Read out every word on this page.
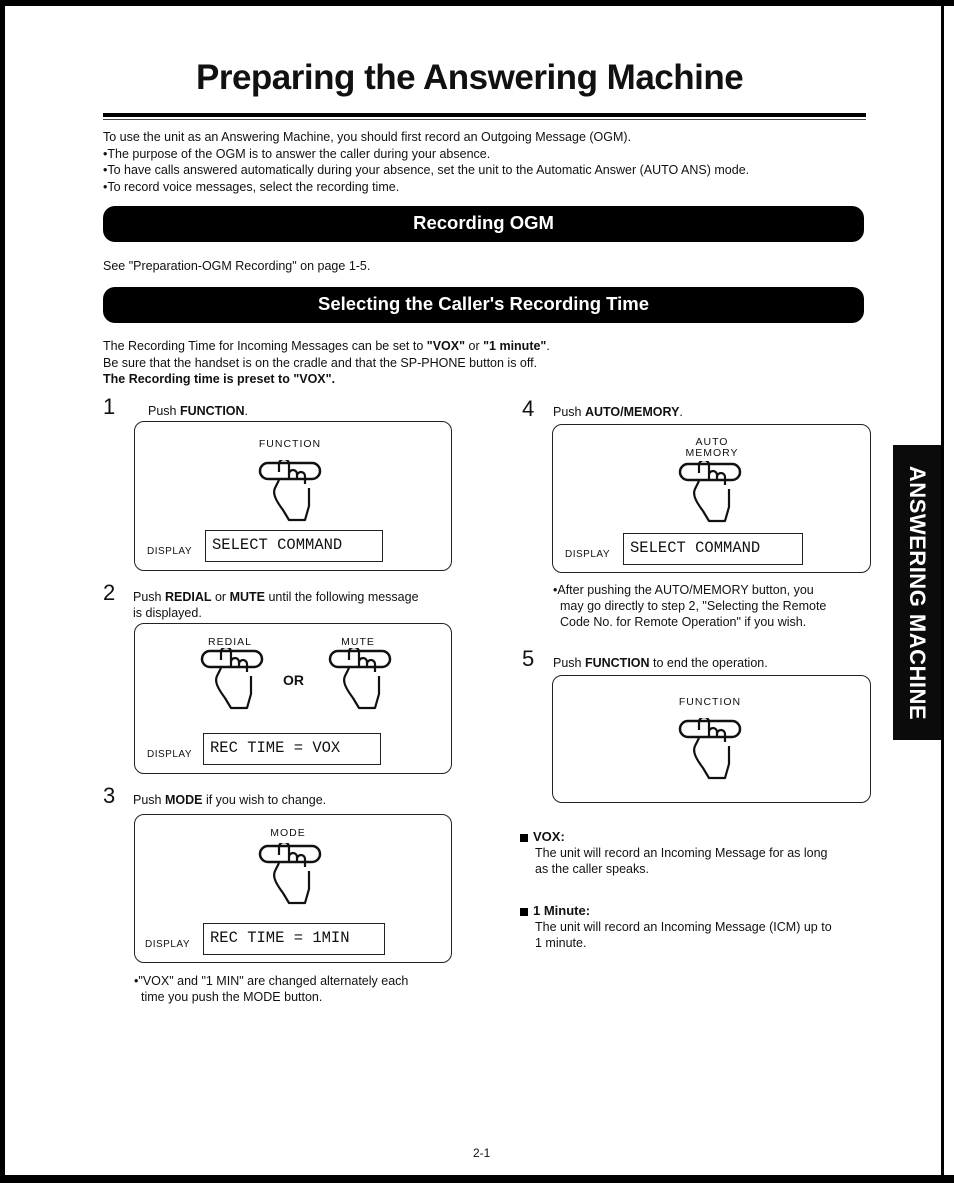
Preparing the Answering Machine
To use the unit as an Answering Machine, you should first record an Outgoing Message (OGM).
•The purpose of the OGM is to answer the caller during your absence.
•To have calls answered automatically during your absence, set the unit to the Automatic Answer (AUTO ANS) mode.
•To record voice messages, select the recording time.
Recording OGM
See "Preparation-OGM Recording" on page 1-5.
Selecting the Caller's Recording Time
The Recording Time for Incoming Messages can be set to "VOX" or "1 minute".
Be sure that the handset is on the cradle and that the SP-PHONE button is off.
The Recording time is preset to "VOX".
1	Push FUNCTION.
FUNCTION
DISPLAY	SELECT COMMAND
2 Push REDIAL or MUTE until the following message
is displayed.
REDIAL
OR
MUTE
DISPLAY	REC TIME = VOX
3 Push MODE if you wish to change.
MODE
DISPLAY	REC TIME = 1MIN
•"VOX" and "1 MIN" are changed alternately each
time you push the MODE button.
4 Push AUTO/MEMORY.
AUTO
MEMORY
DISPLAY	SELECT COMMAND
•After pushing the AUTO/MEMORY button, you
may go directly to step 2, "Selecting the Remote
Code No. for Remote Operation" if you wish.
5 Push FUNCTION to end the operation.
FUNCTION
VOX:
The unit will record an Incoming Message for as long
as the caller speaks.
1 Minute:
The unit will record an Incoming Message (ICM) up to
1 minute.
ANSWERING MACHINE
2-1
